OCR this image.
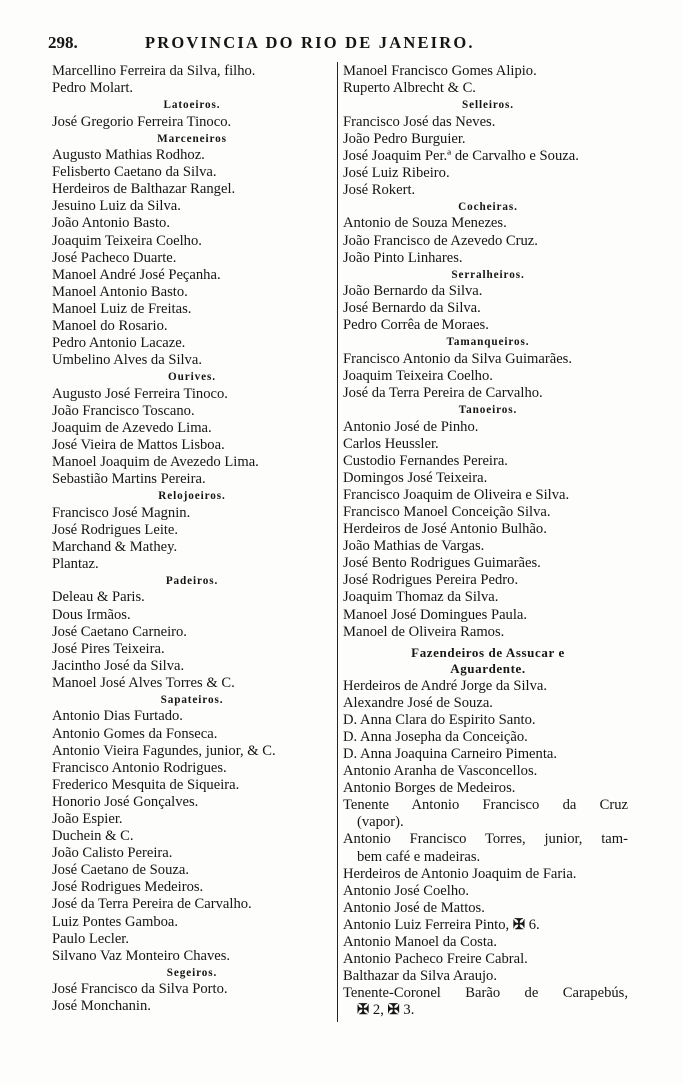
298.	PROVINCIA DO RIO DE JANEIRO.
Marcellino Ferreira da Silva, filho.
Pedro Molart.
Latoeiros.
José Gregorio Ferreira Tinoco.
Marceneiros
Augusto Mathias Rodhoz.
Felisberto Caetano da Silva.
Herdeiros de Balthazar Rangel.
Jesuino Luiz da Silva.
João Antonio Basto.
Joaquim Teixeira Coelho.
José Pacheco Duarte.
Manoel André José Peçanha.
Manoel Antonio Basto.
Manoel Luiz de Freitas.
Manoel do Rosario.
Pedro Antonio Lacaze.
Umbelino Alves da Silva.
Ourives.
Augusto José Ferreira Tinoco.
João Francisco Toscano.
Joaquim de Azevedo Lima.
José Vieira de Mattos Lisboa.
Manoel Joaquim de Avezedo Lima.
Sebastião Martins Pereira.
Relojoeiros.
Francisco José Magnin.
José Rodrigues Leite.
Marchand & Mathey.
Plantaz.
Padeiros.
Deleau & Paris.
Dous Irmãos.
José Caetano Carneiro.
José Pires Teixeira.
Jacintho José da Silva.
Manoel José Alves Torres & C.
Sapateiros.
Antonio Dias Furtado.
Antonio Gomes da Fonseca.
Antonio Vieira Fagundes, junior, & C.
Francisco Antonio Rodrigues.
Frederico Mesquita de Siqueira.
Honorio José Gonçalves.
João Espier.
Duchein & C.
João Calisto Pereira.
José Caetano de Souza.
José Rodrigues Medeiros.
José da Terra Pereira de Carvalho.
Luiz Pontes Gamboa.
Paulo Lecler.
Silvano Vaz Monteiro Chaves.
Segeiros.
José Francisco da Silva Porto.
José Monchanin.
Manoel Francisco Gomes Alipio.
Ruperto Albrecht & C.
Selleiros.
Francisco José das Neves.
João Pedro Burguier.
José Joaquim Per.ª de Carvalho e Souza.
José Luiz Ribeiro.
José Rokert.
Cocheiras.
Antonio de Souza Menezes.
João Francisco de Azevedo Cruz.
João Pinto Linhares.
Serralheiros.
João Bernardo da Silva.
José Bernardo da Silva.
Pedro Corrêa de Moraes.
Tamanqueiros.
Francisco Antonio da Silva Guimarães.
Joaquim Teixeira Coelho.
José da Terra Pereira de Carvalho.
Tanoeiros.
Antonio José de Pinho.
Carlos Heussler.
Custodio Fernandes Pereira.
Domingos José Teixeira.
Francisco Joaquim de Oliveira e Silva.
Francisco Manoel Conceição Silva.
Herdeiros de José Antonio Bulhão.
João Mathias de Vargas.
José Bento Rodrigues Guimarães.
José Rodrigues Pereira Pedro.
Joaquim Thomaz da Silva.
Manoel José Domingues Paula.
Manoel de Oliveira Ramos.
Fazendeiros de Assucar e
Aguardente.
Herdeiros de André Jorge da Silva.
Alexandre José de Souza.
D. Anna Clara do Espirito Santo.
D. Anna Josepha da Conceição.
D. Anna Joaquina Carneiro Pimenta.
Antonio Aranha de Vasconcellos.
Antonio Borges de Medeiros.
Tenente Antonio Francisco da Cruz
(vapor).
Antonio Francisco Torres, junior, tam-
bem café e madeiras.
Herdeiros de Antonio Joaquim de Faria.
Antonio José Coelho.
Antonio José de Mattos.
Antonio Luiz Ferreira Pinto, ✠ 6.
Antonio Manoel da Costa.
Antonio Pacheco Freire Cabral.
Balthazar da Silva Araujo.
Tenente-Coronel Barão de Carapebús,
✠ 2, ✠ 3.
